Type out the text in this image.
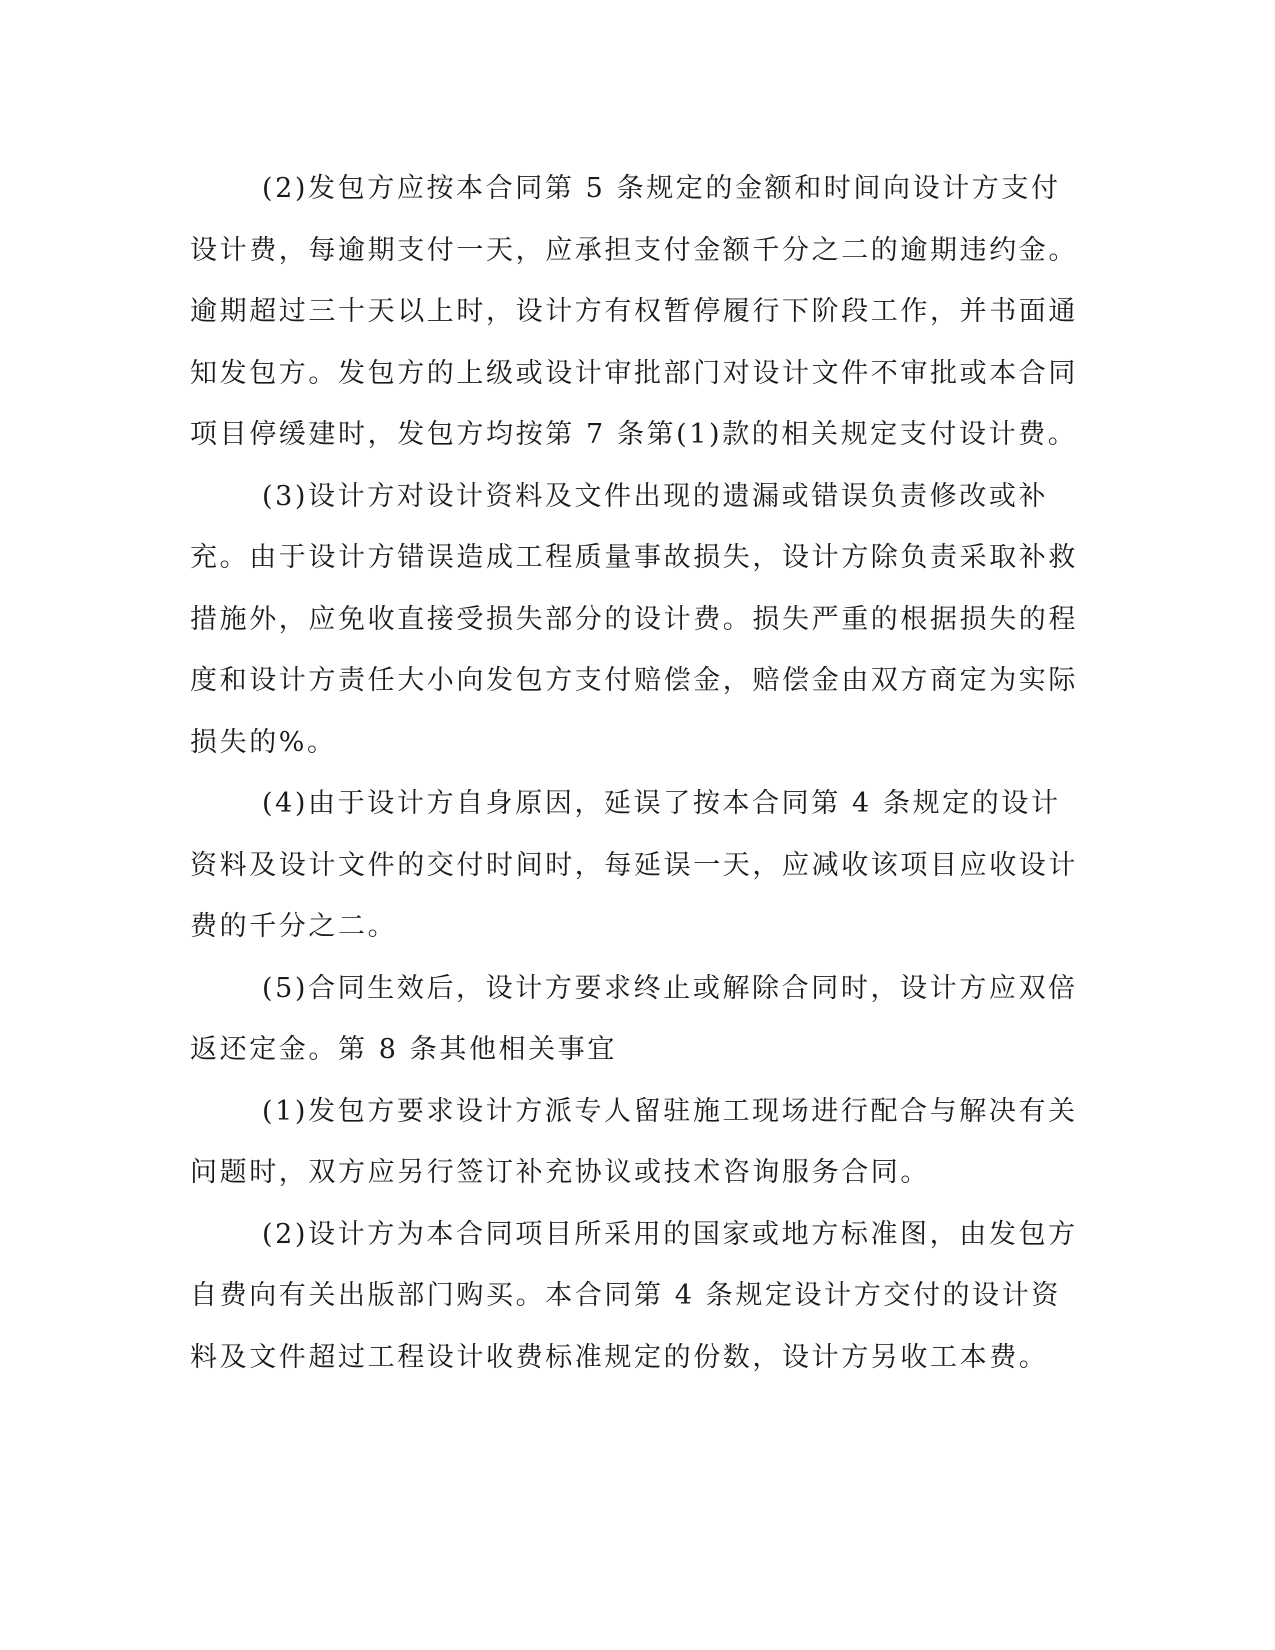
(2)发包方应按本合同第 5 条规定的金额和时间向设计方支付设计费，每逾期支付一天，应承担支付金额千分之二的逾期违约金。逾期超过三十天以上时，设计方有权暂停履行下阶段工作，并书面通知发包方。发包方的上级或设计审批部门对设计文件不审批或本合同项目停缓建时，发包方均按第 7 条第(1)款的相关规定支付设计费。

(3)设计方对设计资料及文件出现的遗漏或错误负责修改或补充。由于设计方错误造成工程质量事故损失，设计方除负责采取补救措施外，应免收直接受损失部分的设计费。损失严重的根据损失的程度和设计方责任大小向发包方支付赔偿金，赔偿金由双方商定为实际损失的%。

(4)由于设计方自身原因，延误了按本合同第 4 条规定的设计资料及设计文件的交付时间时，每延误一天，应减收该项目应收设计费的千分之二。

(5)合同生效后，设计方要求终止或解除合同时，设计方应双倍返还定金。第 8 条其他相关事宜

(1)发包方要求设计方派专人留驻施工现场进行配合与解决有关问题时，双方应另行签订补充协议或技术咨询服务合同。

(2)设计方为本合同项目所采用的国家或地方标准图，由发包方自费向有关出版部门购买。本合同第 4 条规定设计方交付的设计资料及文件超过工程设计收费标准规定的份数，设计方另收工本费。
